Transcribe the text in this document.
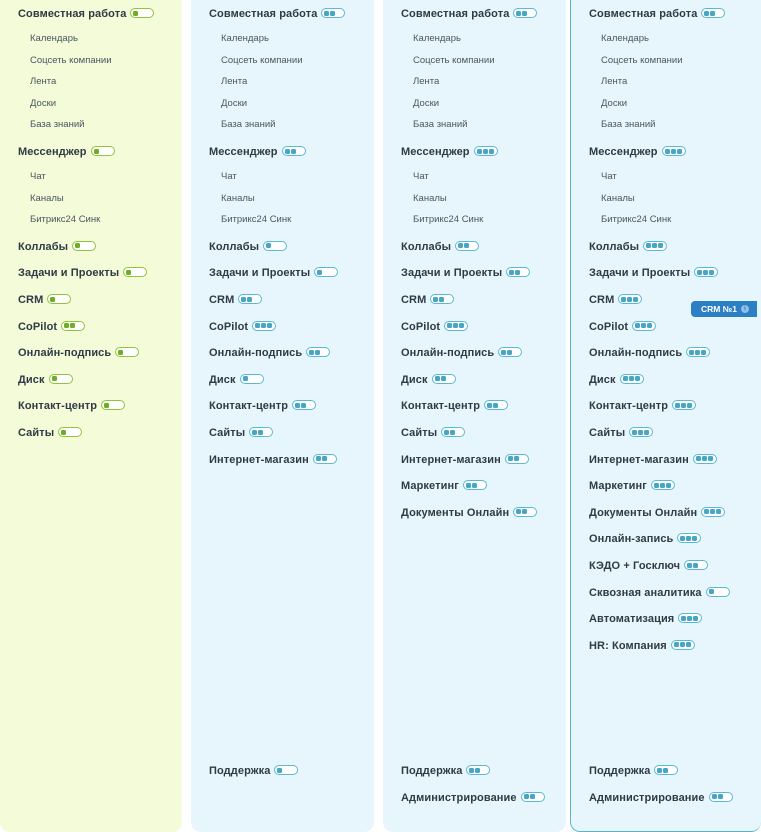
Совместная работа
Календарь
Соцсеть компании
Лента
Доски
База знаний
Мессенджер
Чат
Каналы
Битрикс24 Синк
Коллабы
Задачи и Проекты
CRM
CoPilot
Онлайн-подпись
Диск
Контакт-центр
Сайты
Совместная работа
Календарь
Соцсеть компании
Лента
Доски
База знаний
Мессенджер
Чат
Каналы
Битрикс24 Синк
Коллабы
Задачи и Проекты
CRM
CoPilot
Онлайн-подпись
Диск
Контакт-центр
Сайты
Интернет-магазин
Поддержка
Совместная работа
Календарь
Соцсеть компании
Лента
Доски
База знаний
Мессенджер
Чат
Каналы
Битрикс24 Синк
Коллабы
Задачи и Проекты
CRM
CoPilot
Онлайн-подпись
Диск
Контакт-центр
Сайты
Интернет-магазин
Маркетинг
Документы Онлайн
Поддержка
Администрирование
Совместная работа
Календарь
Соцсеть компании
Лента
Доски
База знаний
Мессенджер
Чат
Каналы
Битрикс24 Синк
Коллабы
Задачи и Проекты
CRM
CoPilot
Онлайн-подпись
Диск
Контакт-центр
Сайты
Интернет-магазин
Маркетинг
Документы Онлайн
Онлайн-запись
КЭДО + Госключ
Сквозная аналитика
Автоматизация
HR: Компания
Поддержка
Администрирование
CRM №1	i
